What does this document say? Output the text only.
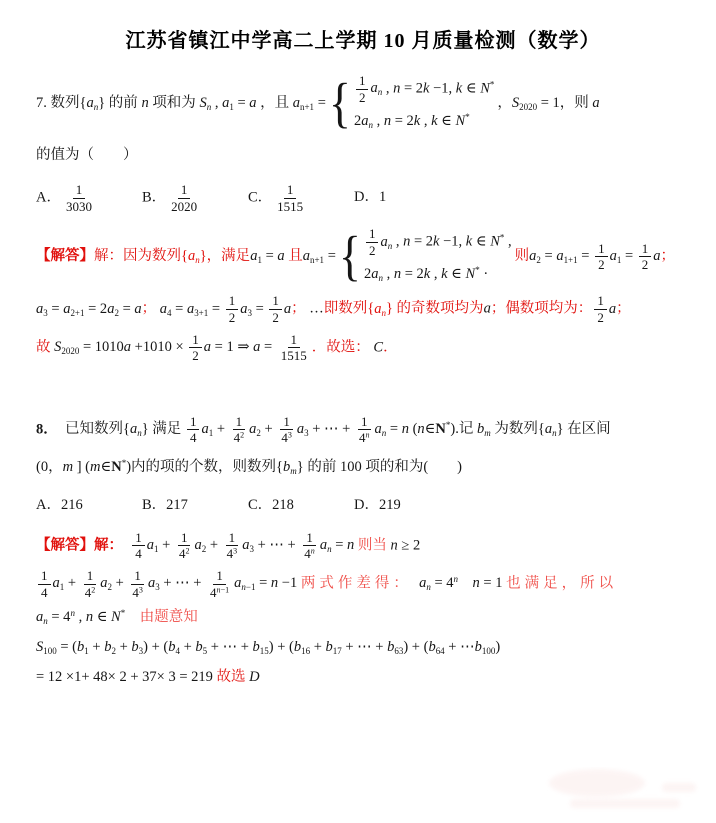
江苏省镇江中学高二上学期 10 月质量检测（数学）
7. 数列$\{a_n\}$ 的前 n 项和为 $S_n$ , $a_1 = a$ ，且 $a_{n+1}$ = { $\frac{1}{2} a_n$ , n = 2k −1, k ∈ N*
$2a_n$ , n = 2k , k ∈ N*
，$S_{2020} = 1$，则 a
的值为（  ）
A． $\frac{1}{3030}$	B． $\frac{1}{2020}$	C． $\frac{1}{1515}$	D．1
【解答】解：因为数列$\{a_n\}$，满足$a_1 = a$ 且$a_{n+1}$ = { $\frac{1}{2} a_n$ , n = 2k −1, k ∈ N* ,
$2a_n$ , n = 2k , k ∈ N* ·
则$a_2 = a_{1+1} = \frac{1}{2} a_1 = \frac{1}{2}$ a；
$a_3 = a_{2+1} = 2a_2 = a$； $a_4 = a_{3+1} = \frac{1}{2} a_3 = \frac{1}{2}$ a； …即数列$\{a_n\}$ 的奇数项均为a；偶数项均为： $\frac{1}{2}$ a；
故 $S_{2020} = 1010a +1010 \times \frac{1}{2}$ a = 1 ⇒ $a = \frac{1}{1515}$ ．故选： C．
8． 已知数列$\{a_n\}$ 满足 $\frac{1}{4} a_1 + \frac{1}{4^2} a_2 + \frac{1}{4^3} a_3$ + ⋯ + $\frac{1}{4^n} a_n = n$ (n∈N*).记 $b_m$ 为数列$\{a_n\}$ 在区间
(0，m ] (m∈N*)内的项的个数，则数列$\{b_m\}$ 的前 100 项的和为(  )
A．216	B．217	C．218	D．219
【解答】解：  $\frac{1}{4} a_1 + \frac{1}{4^2} a_2 + \frac{1}{4^3} a_3$ + ⋯ + $\frac{1}{4^n} a_n = n$ 则当 n ≥ 2
$\frac{1}{4} a_1 + \frac{1}{4^2} a_2 + \frac{1}{4^3} a_3$ + ⋯ + $\frac{1}{4^{n-1}} a_{n-1} = n -1$ 两式作差得：  $a_n = 4^n$  n = 1 也满足，所以
$a_n = 4^n$ , n ∈ N* 由题意知
$S_{100} = (b_1 + b_2 + b_3) + (b_4 + b_5$ + ⋯ + $b_{15}) + (b_{16} + b_{17}$ + ⋯ + $b_{63}) + (b_{64}$ + $\cdots b_{100}$)
= 12 ×1+ 48× 2 + 37× 3 = 219 故选 D
